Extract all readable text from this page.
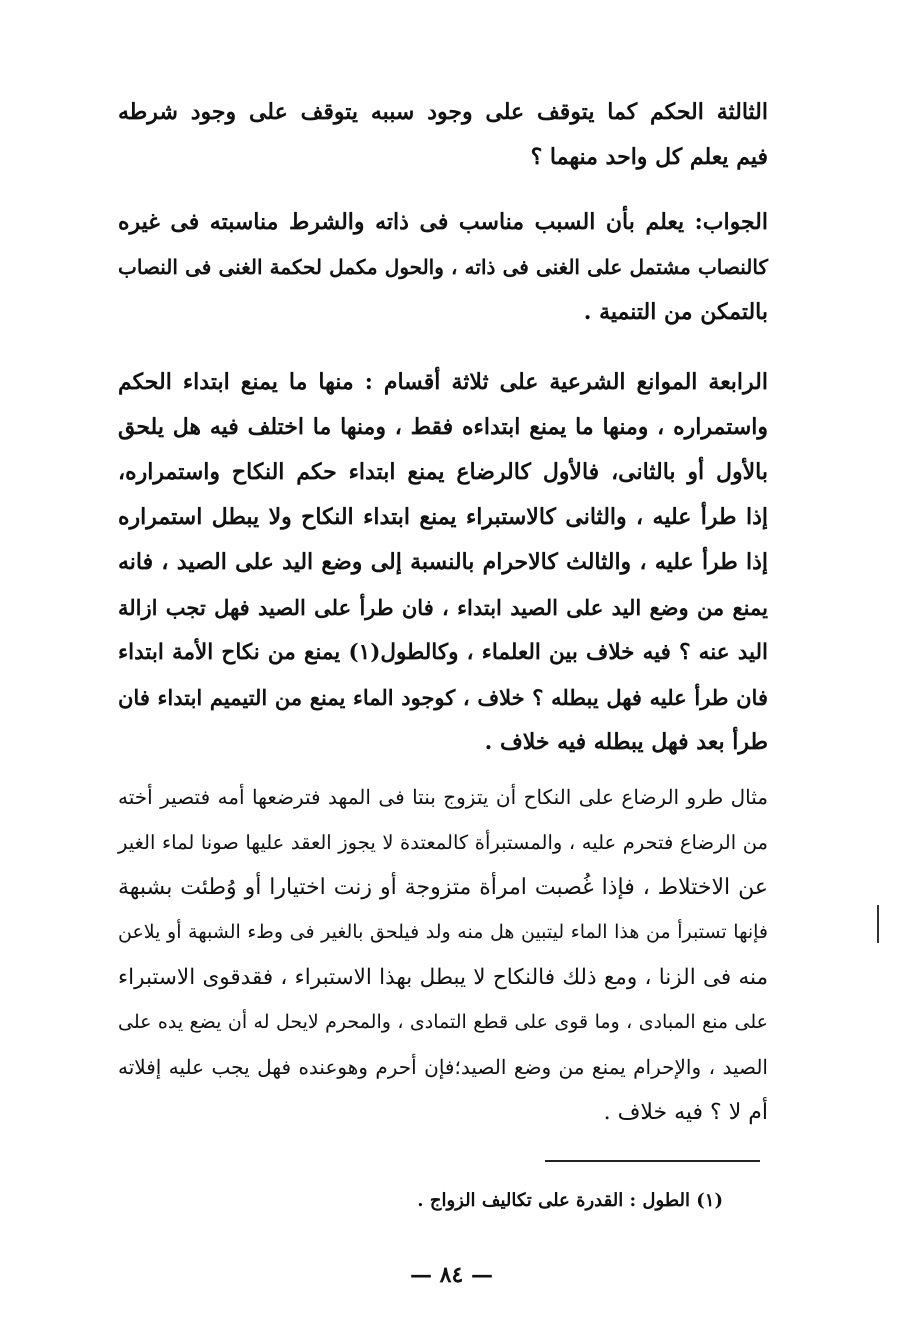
الثالثة الحكم كما يتوقف على وجود سببه يتوقف على وجود شرطه
فيم يعلم كل واحد منهما ؟
الجواب: يعلم بأن السبب مناسب فى ذاته والشرط مناسبته فى غيره
كالنصاب مشتمل على الغنى فى ذاته ، والحول مكمل لحكمة الغنى فى النصاب
بالتمكن من التنمية .
الرابعة الموانع الشرعية على ثلاثة أقسام : منها ما يمنع ابتداء الحكم
واستمراره ، ومنها ما يمنع ابتداءه فقط ، ومنها ما اختلف فيه هل يلحق
بالأول أو بالثانى، فالأول كالرضاع يمنع ابتداء حكم النكاح واستمراره،
إذا طرأ عليه ، والثانى كالاستبراء يمنع ابتداء النكاح ولا يبطل استمراره
إذا طرأ عليه ، والثالث كالاحرام بالنسبة إلى وضع اليد على الصيد ، فانه
يمنع من وضع اليد على الصيد ابتداء ، فان طرأ على الصيد فهل تجب ازالة
اليد عنه ؟ فيه خلاف بين العلماء ، وكالطول(١) يمنع من نكاح الأمة ابتداء
فان طرأ عليه فهل يبطله ؟ خلاف ، كوجود الماء يمنع من التيميم ابتداء فان
طرأ بعد فهل يبطله فيه خلاف .
مثال طرو الرضاع على النكاح أن يتزوج بنتا فى المهد فترضعها أمه فتصير أخته
من الرضاع فتحرم عليه ، والمستبرأة كالمعتدة لا يجوز العقد عليها صونا لماء الغير
عن الاختلاط ، فإذا غُصبت امرأة متزوجة أو زنت اختيارا أو وُطئت بشبهة
فإنها تستبرأ من هذا الماء ليتبين هل منه ولد فيلحق بالغير فى وطء الشبهة أو يلاعن
منه فى الزنا ، ومع ذلك فالنكاح لا يبطل بهذا الاستبراء ، فقدقوى الاستبراء
على منع المبادى ، وما قوى على قطع التمادى ، والمحرم لايحل له أن يضع يده على
الصيد ، والإحرام يمنع من وضع الصيد؛فإن أحرم وهوعنده فهل يجب عليه إفلاته
أم لا ؟ فيه خلاف .
(١) الطول : القدرة على تكاليف الزواج .
— ٨٤ —
